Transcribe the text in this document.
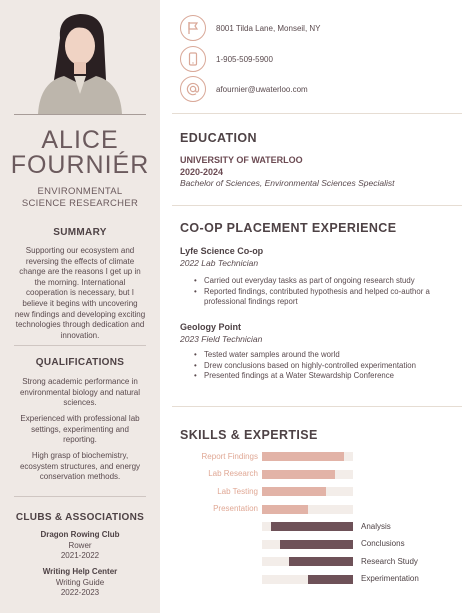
ALICE
FOURNIÉR
ENVIRONMENTAL
SCIENCE RESEARCHER
SUMMARY
Supporting our ecosystem and reversing the effects of climate change are the reasons I get up in the morning. International cooperation is necessary, but I believe it begins with uncovering new findings and developing exciting technologies through dedication and innovation.
QUALIFICATIONS
Strong academic performance in environmental biology and natural sciences.
Experienced with professional lab settings, experimenting and reporting.
High grasp of biochemistry, ecosystem structures, and energy conservation methods.
CLUBS & ASSOCIATIONS
Dragon Rowing Club
Rower
2021-2022
Writing Help Center
Writing Guide
2022-2023
8001 Tilda Lane, Monseil, NY
1-905-509-5900
afournier@uwaterloo.com
EDUCATION
UNIVERSITY OF WATERLOO
2020-2024
Bachelor of Sciences, Environmental Sciences Specialist
CO-OP PLACEMENT EXPERIENCE
Lyfe Science Co-op
2022 Lab Technician
• Carried out everyday tasks as part of ongoing research study
• Reported findings, contributed hypothesis and helped co-author a professional findings report
Geology Point
2023 Field Technician
• Tested water samples around the world
• Drew conclusions based on highly-controlled experimentation
• Presented findings at a Water Stewardship Conference
SKILLS & EXPERTISE
Report Findings
Lab Research
Lab Testing
Presentation
Analysis
Conclusions
Research Study
Experimentation
